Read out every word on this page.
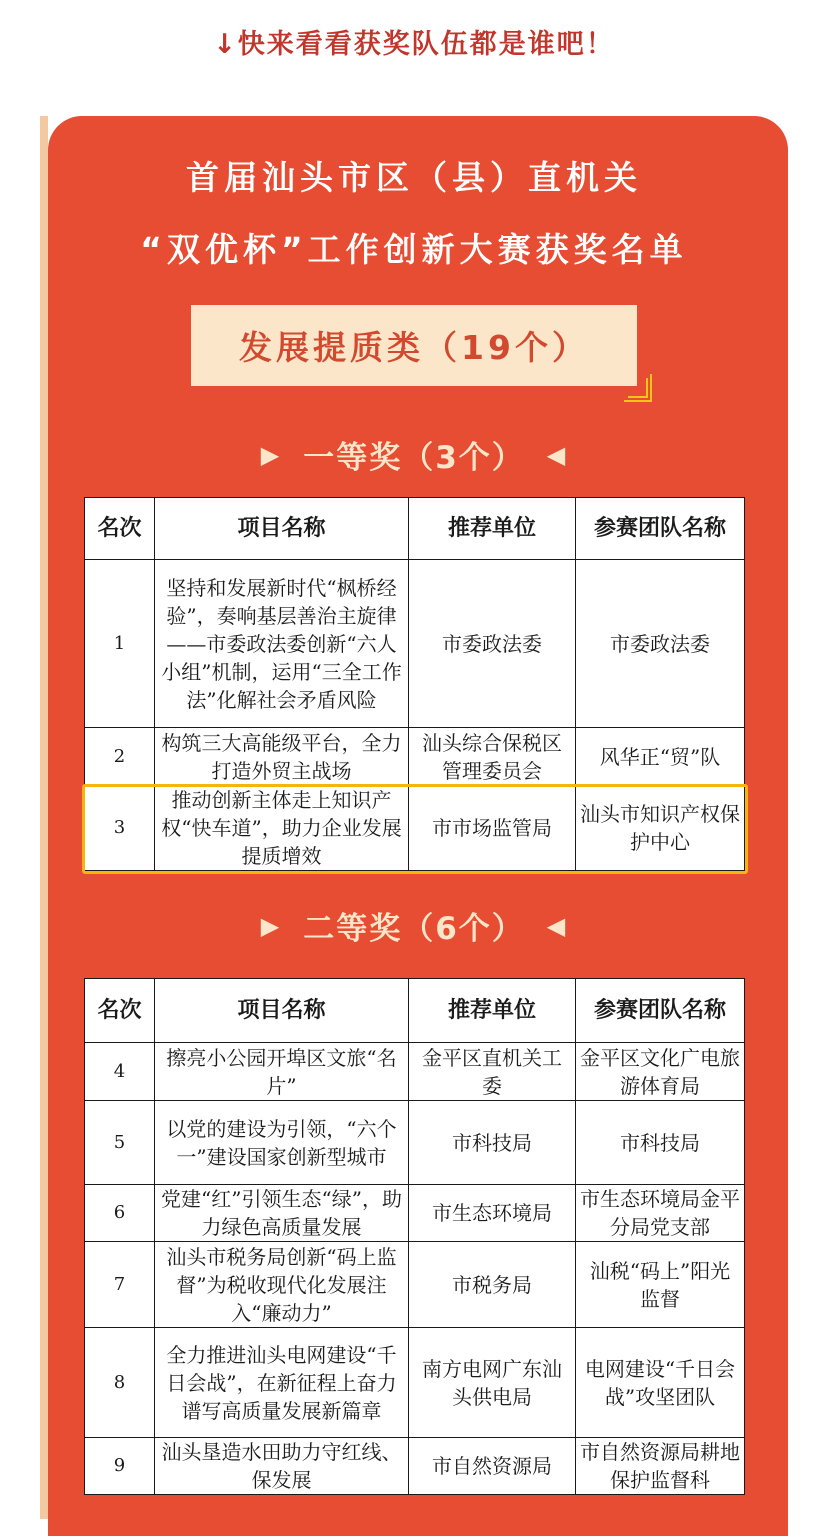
↓快来看看获奖队伍都是谁吧！
首届汕头市区（县）直机关
“双优杯”工作创新大赛获奖名单
发展提质类（19个）
▶ 一等奖（3个） ◀
名次	项目名称	推荐单位	参赛团队名称
1	坚持和发展新时代“枫桥经验”，奏响基层善治主旋律——市委政法委创新“六人小组”机制，运用“三全工作法”化解社会矛盾风险	市委政法委	市委政法委
2	构筑三大高能级平台，全力打造外贸主战场	汕头综合保税区管理委员会	风华正“贸”队
3	推动创新主体走上知识产权“快车道”，助力企业发展提质增效	市市场监管局	汕头市知识产权保护中心
▶ 二等奖（6个） ◀
名次	项目名称	推荐单位	参赛团队名称
4	擦亮小公园开埠区文旅“名片”	金平区直机关工委	金平区文化广电旅游体育局
5	以党的建设为引领，“六个一”建设国家创新型城市	市科技局	市科技局
6	党建“红”引领生态“绿”，助力绿色高质量发展	市生态环境局	市生态环境局金平分局党支部
7	汕头市税务局创新“码上监督”为税收现代化发展注入“廉动力”	市税务局	汕税“码上”阳光监督
8	全力推进汕头电网建设“千日会战”，在新征程上奋力谱写高质量发展新篇章	南方电网广东汕头供电局	电网建设“千日会战”攻坚团队
9	汕头垦造水田助力守红线、保发展	市自然资源局	市自然资源局耕地保护监督科
